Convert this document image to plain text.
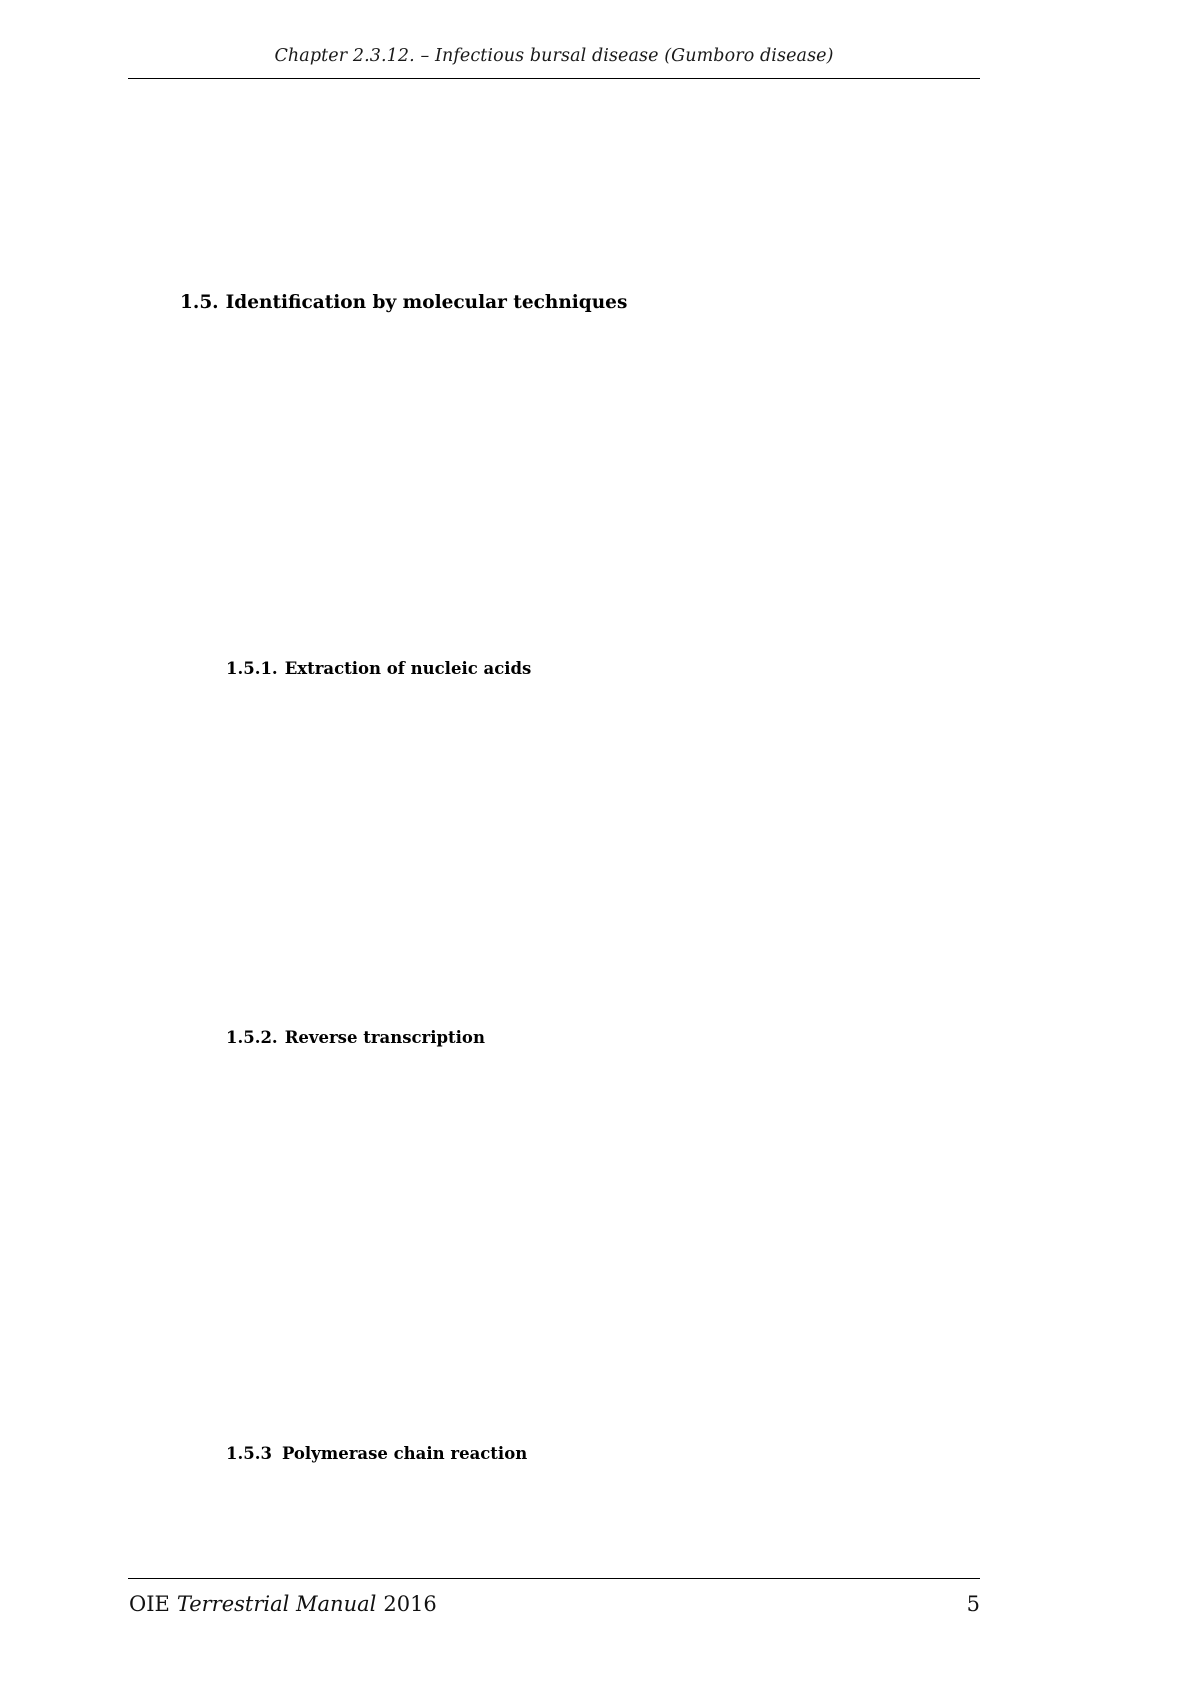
Chapter 2.3.12. – Infectious bursal disease (Gumboro disease)
1.5. Identification by molecular techniques
1.5.1. Extraction of nucleic acids
1.5.2. Reverse transcription
1.5.3 Polymerase chain reaction
OIE Terrestrial Manual 2016	5
